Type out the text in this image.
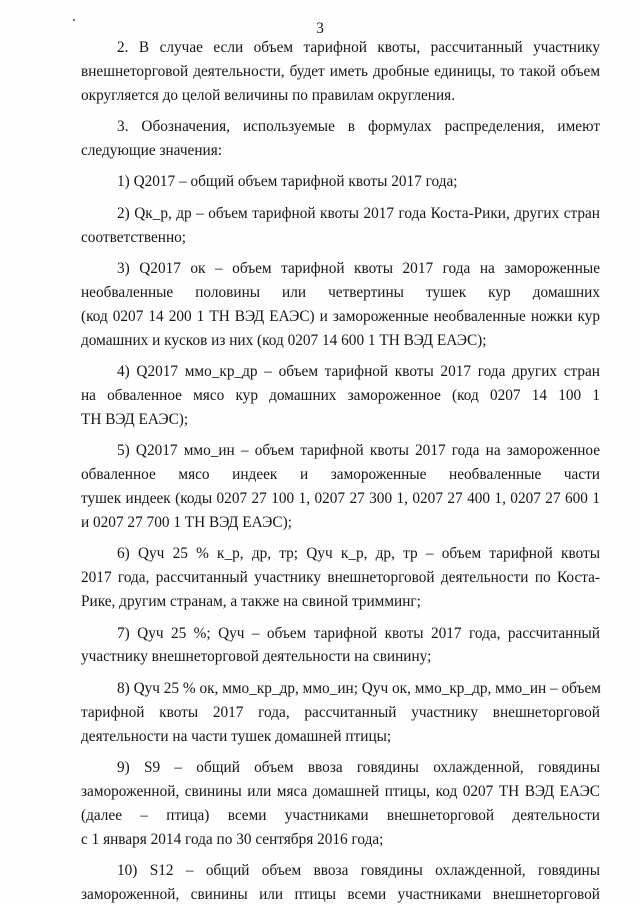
3
2. В случае если объем тарифной квоты, рассчитанный участнику
внешнеторговой деятельности, будет иметь дробные единицы, то такой объем
округляется до целой величины по правилам округления.
3. Обозначения, используемые в формулах распределения, имеют
следующие значения:
1) Q2017 – общий объем тарифной квоты 2017 года;
2) Qк_р, др – объем тарифной квоты 2017 года Коста-Рики, других стран
соответственно;
3) Q2017 ок – объем тарифной квоты 2017 года на замороженные
необваленные половины или четвертины тушек кур домашних
(код 0207 14 200 1 ТН ВЭД ЕАЭС) и замороженные необваленные ножки кур
домашних и кусков из них (код 0207 14 600 1 ТН ВЭД ЕАЭС);
4) Q2017 ммо_кр_др – объем тарифной квоты 2017 года других стран
на обваленное мясо кур домашних замороженное (код 0207 14 100 1
ТН ВЭД ЕАЭС);
5) Q2017 ммо_ин – объем тарифной квоты 2017 года на замороженное
обваленное мясо индеек и замороженные необваленные части
тушек индеек (коды 0207 27 100 1, 0207 27 300 1, 0207 27 400 1, 0207 27 600 1
и 0207 27 700 1 ТН ВЭД ЕАЭС);
6) Qуч 25 % к_р, др, тр; Qуч к_р, др, тр – объем тарифной квоты
2017 года, рассчитанный участнику внешнеторговой деятельности по Коста-
Рике, другим странам, а также на свиной тримминг;
7) Qуч 25 %; Qуч – объем тарифной квоты 2017 года, рассчитанный
участнику внешнеторговой деятельности на свинину;
8) Qуч 25 % ок, ммо_кр_др, ммо_ин; Qуч ок, ммо_кр_др, ммо_ин – объем
тарифной квоты 2017 года, рассчитанный участнику внешнеторговой
деятельности на части тушек домашней птицы;
9) S9 – общий объем ввоза говядины охлажденной, говядины
замороженной, свинины или мяса домашней птицы, код 0207 ТН ВЭД ЕАЭС
(далее – птица) всеми участниками внешнеторговой деятельности
с 1 января 2014 года по 30 сентября 2016 года;
10) S12 – общий объем ввоза говядины охлажденной, говядины
замороженной, свинины или птицы всеми участниками внешнеторговой
